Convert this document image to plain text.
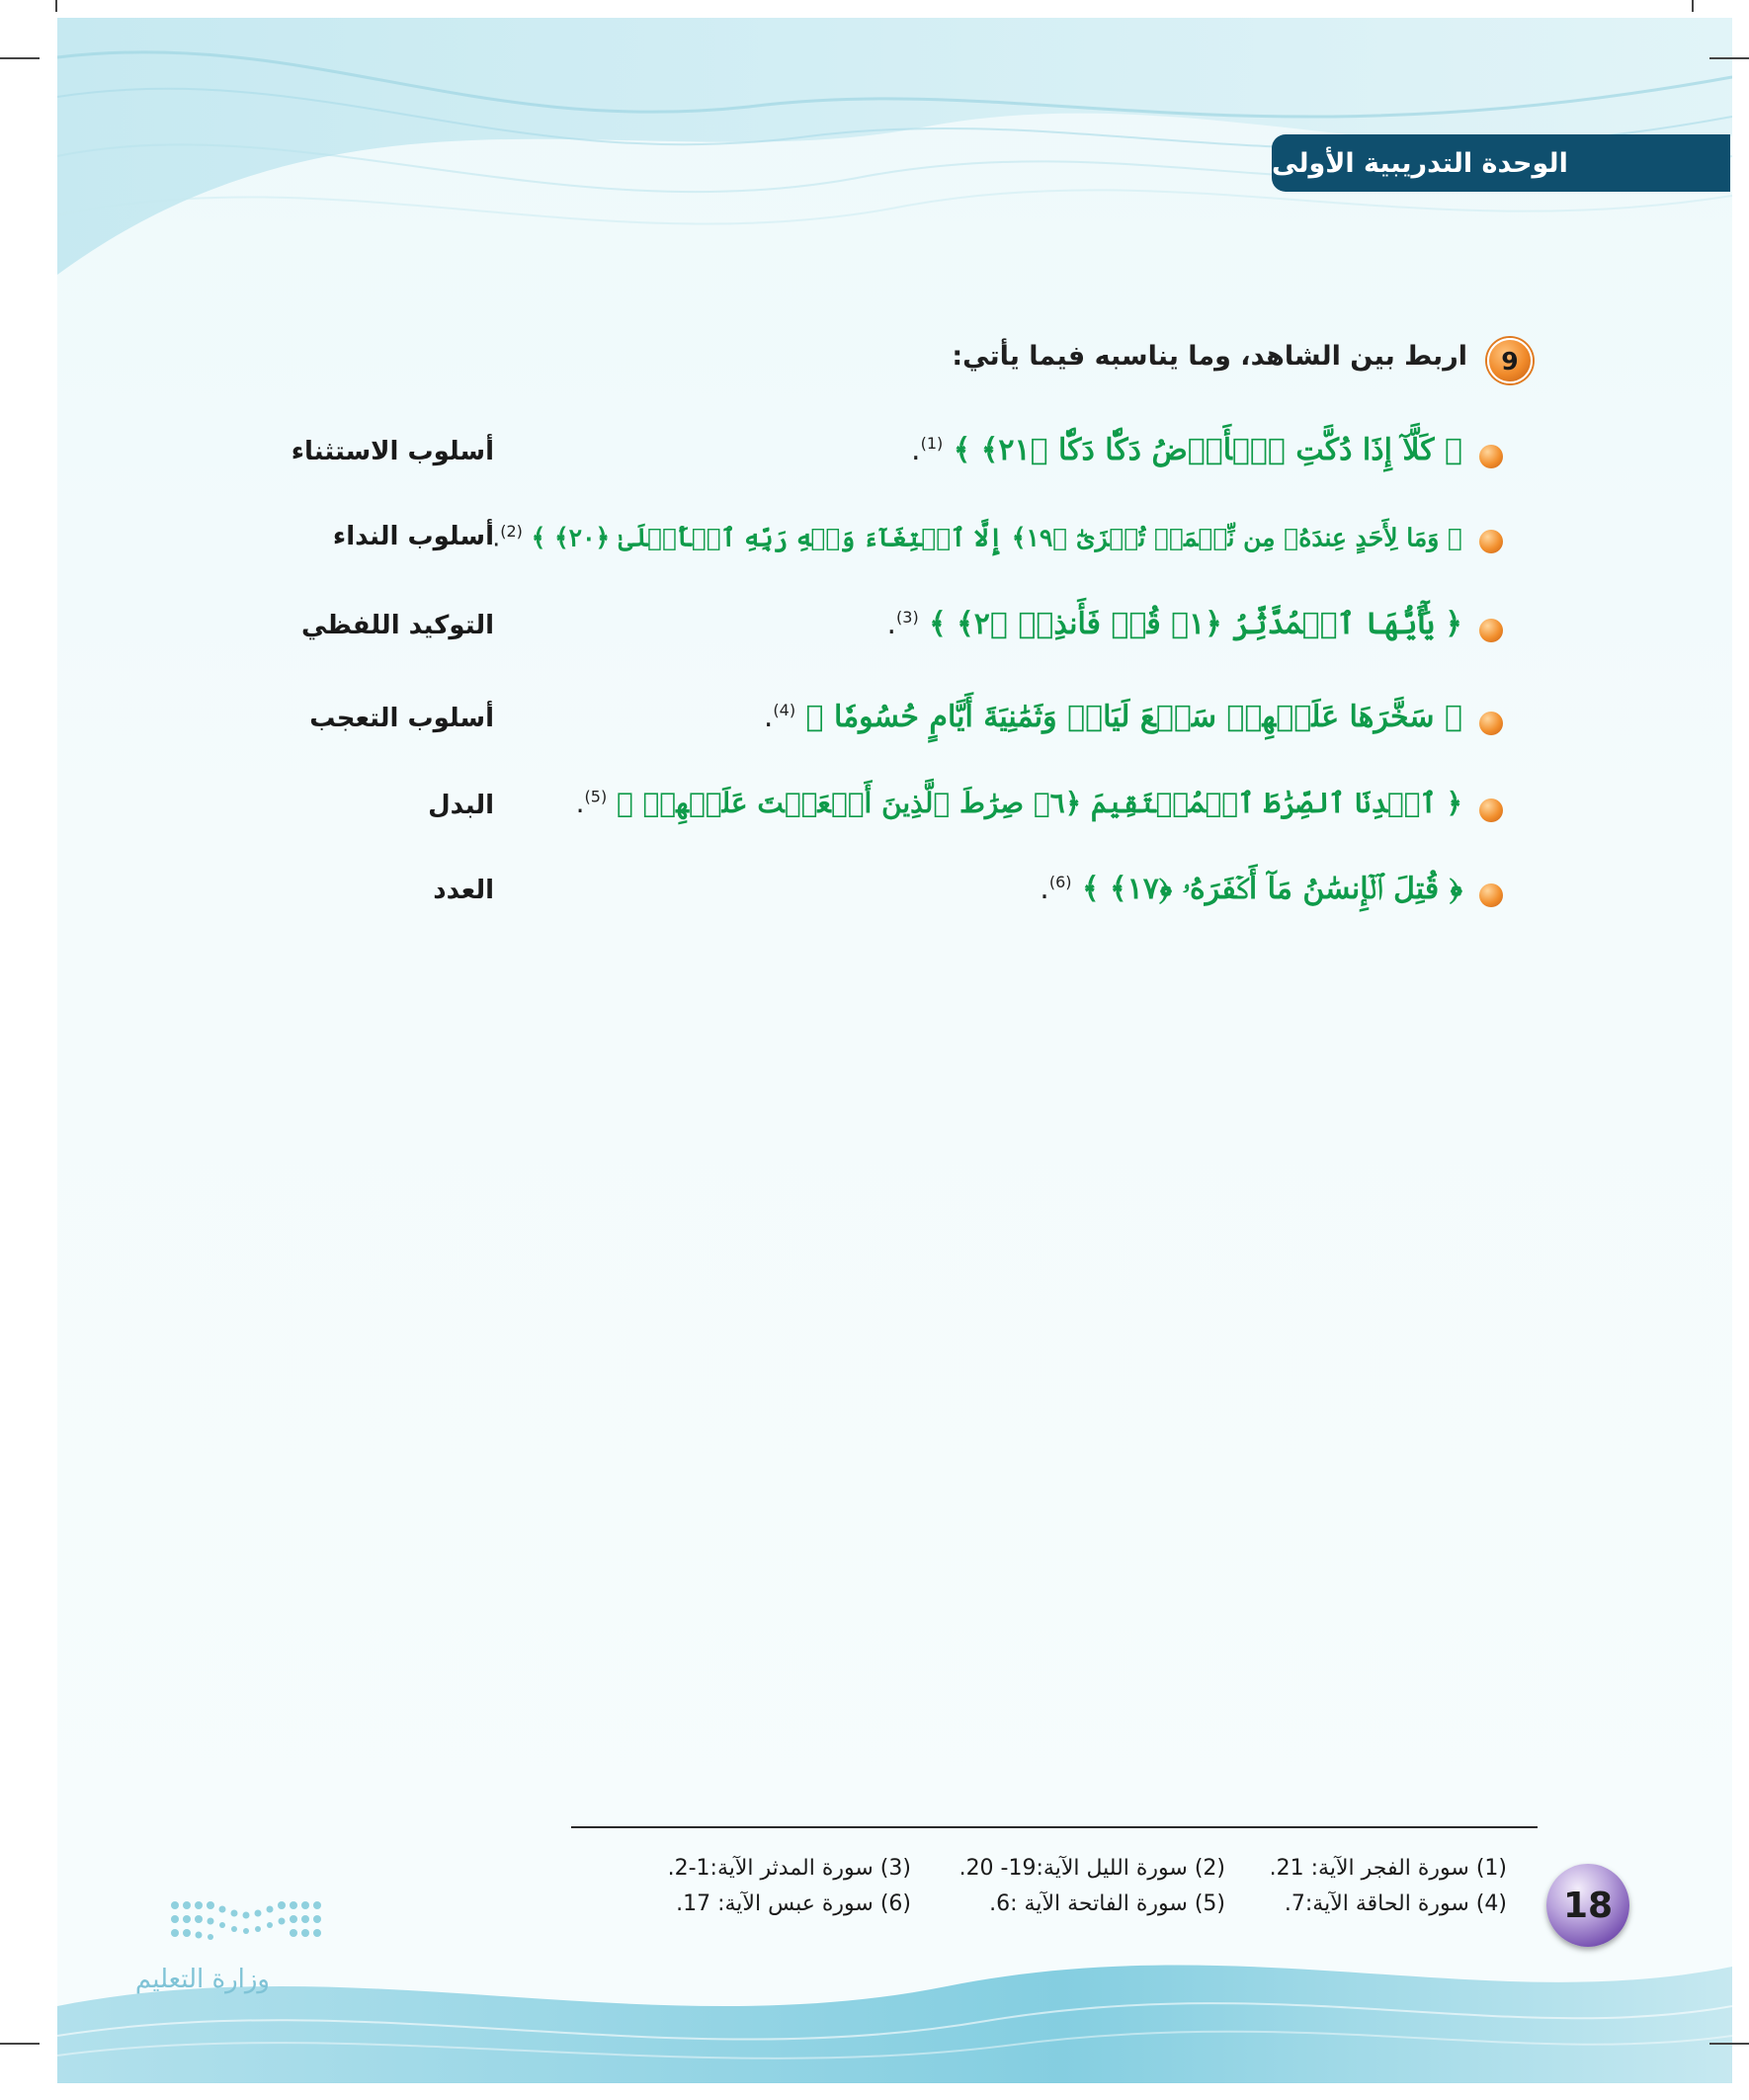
الوحدة التدريبية الأولى
9
اربط بين الشاهد، وما يناسبه فيما يأتي:
﴿ كَلَّآ إِذَا دُكَّتِ ٱلۡأَرۡضُ دَكّٗا دَكّٗا ﴿٢١﴾ ﴾ $^{(1)}$.
أسلوب الاستثناء
﴿ وَمَا لِأَحَدٍ عِندَهُۥ مِن نِّعۡمَةٖ تُجۡزَىٰٓ ﴿١٩﴾ إِلَّا ٱبۡتِغَآءَ وَجۡهِ رَبِّهِ ٱلۡأَعۡلَىٰ ﴿٢٠﴾ ﴾ $^{(2)}$.
أسلوب النداء
﴿ يَٰٓأَيُّهَا ٱلۡمُدَّثِّرُ ﴿١﴾ قُمۡ فَأَنذِرۡ ﴿٢﴾ ﴾ $^{(3)}$.
التوكيد اللفظي
﴿ سَخَّرَهَا عَلَيۡهِمۡ سَبۡعَ لَيَالٖ وَثَمَٰنِيَةَ أَيَّامٍ حُسُومٗا ﴾ $^{(4)}$.
أسلوب التعجب
﴿ ٱهۡدِنَا ٱلصِّرَٰطَ ٱلۡمُسۡتَقِيمَ ﴿٦﴾ صِرَٰطَ ٱلَّذِينَ أَنۡعَمۡتَ عَلَيۡهِمۡ ﴾ $^{(5)}$.
البدل
﴿ قُتِلَ ٱلۡإِنسَٰنُ مَآ أَكۡفَرَهُۥ ﴿١٧﴾ ﴾ $^{(6)}$.
العدد
(1) سورة الفجر الآية: 21.
(4) سورة الحاقة الآية:7.
(2) سورة الليل الآية:19- 20.
(5) سورة الفاتحة الآية :6.
(3) سورة المدثر الآية:1-2.
(6) سورة عبس الآية: 17.	18
وزارة التعليم
